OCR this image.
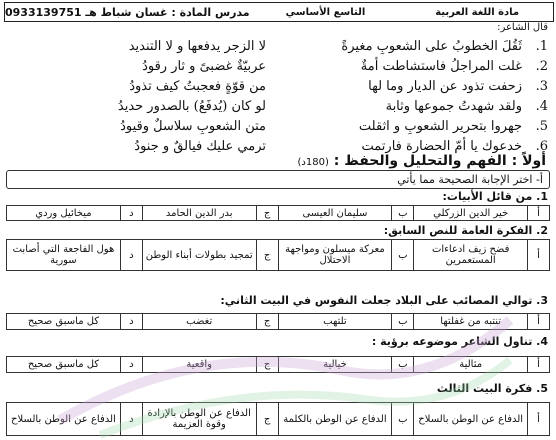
مادة اللغة العربية
التاسع الأساسي
مدرس المادة : غسان شباط هـ 0933139751
قال الشاعر:
1.
ثَقُلَ الخطوبُ على الشعوبِ مغيرةً
لا الزجر يدفعها و لا التنديد
2.
غلت المراجلُ فاستشاطت أمةٌ
عربيّةٌ غضبىً و ثار رقودُ
3.
زحفت تذود عن الديار وما لها
من قوّةٍ فعجبتُ كيف تذودُ
4.
ولقد شهدتُ جموعها وثابة
لو كان (يُدفَعُ) بالصدور حديدُ
5.
جهروا بتحرير الشعوبِ و اثقلت
متن الشعوبِ سلاسلٌ وقيودُ
6.
خدعوك يا أمّ الحضارة فارتمت
ترمي عليك فيالقٌ و جنودُ
أولاً : الفهم والتحليل والحفظ : (180د)
أ- اختر الإجابة الصحيحة مما يأتي
1. من قائل الأبيات:
أ	خير الدين الزركلي	ب	سليمان العيسى	ج	بدر الدين الحامد	د	ميخائيل وردي
2. الفكرة العامة للنص السابق:
أ	فضح زيف ادعاءات المستعمرين	ب	معركة ميسلون ومواجهة الاحتلال	ج	تمجيد بطولات أبناء الوطن	د	هول الفاجعة التي أصابت سورية
3. توالي المصائب على البلاد جعلت النفوس في البيت الثاني:
أ	تنتبه من غفلتها	ب	تلتهب	ج	تغضب	د	كل ماسبق صحيح
4. تناول الشاعر موضوعه برؤية :
أ	مثالية	ب	خيالية	ج	واقعية	د	كل ماسبق صحيح
5. فكرة البيت الثالث
أ	الدفاع عن الوطن بالسلاح	ب	الدفاع عن الوطن بالكلمة	ج	الدفاع عن الوطن بالإرادة وقوة العزيمة	د	الدفاع عن الوطن بالسلاح
